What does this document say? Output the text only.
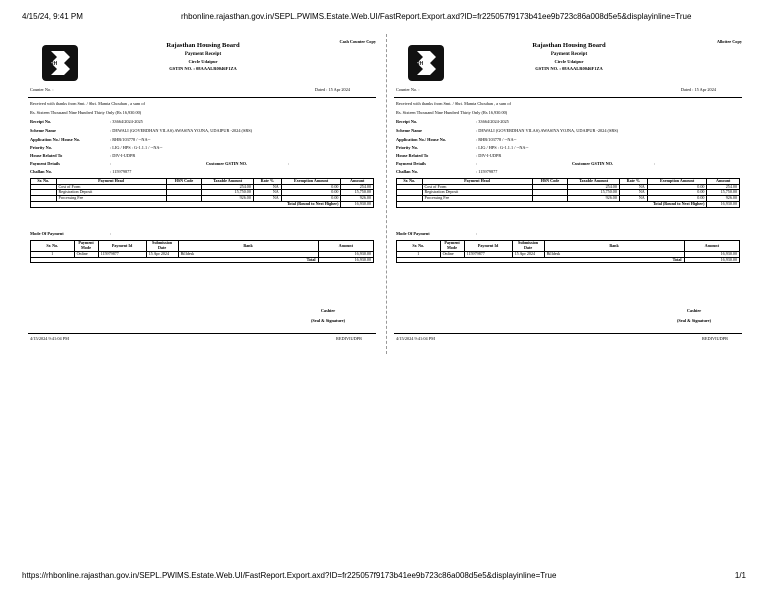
4/15/24, 9:41 PM	rhbonline.rajasthan.gov.in/SEPL.PWIMS.Estate.Web.UI/FastReport.Export.axd?ID=fr225057f9173b41ee9b723c86a008d5e5&displayinline=True
RH
Rajasthan Housing Board
Payment Receipt
Circle Udaipur
GSTIN NO. : 08AAALR0046F1ZA
Cash Counter Copy
Counter No. :	Dated : 15 Apr 2024
Received with thanks from Smt. / Shri. Mamta Chouhan , a sum of
Rs. Sixteen Thousand Nine Hundred Thirty Only (Rs 16,930.00)
Receipt No.	: 33664/2024-2025
Scheme Name	: DEWALI (GOVERDHAN VILAS) AWASIYA YOJNA, UDAIPUR -2024 (SRS)
Application No./ House No.	: RHB/103778 / --NA--
Priority No.	: LIG / HPS : G-1.1.1 / --NA--
House Related To	: DIV-I-UDPR
Payment Details	:	Customer GSTIN NO.	:
Challan No.	: 115979877
Sr. No.	Payment Head	HSN Code	Taxable Amount	Rate %	Exemption Amount	Amount
	Cost of Form		254.00	NA	0.00	254.00
	Registration Deposit		15,750.00	NA	0.00	15,750.00
	Processing Fee		926.00	NA	0.00	926.00
Total (Round to Next Higher)						16,930.00
Mode Of Payment	:
Sr. No.	Payment Mode	Payment Id	Submission Date	Bank	Amount
1	Online	115979877	15 Apr 2024	Billdesk	16,930.00
Total					16,930.00
Cashier
(Seal & Signature)
4/15/2024 9:41:04 PM	REDIVIUDPR
RH
Rajasthan Housing Board
Payment Receipt
Circle Udaipur
GSTIN NO. : 08AAALR0046F1ZA
Allottee Copy
Counter No. :	Dated : 15 Apr 2024
Received with thanks from Smt. / Shri. Mamta Chouhan , a sum of
Rs. Sixteen Thousand Nine Hundred Thirty Only (Rs 16,930.00)
Receipt No.	: 33664/2024-2025
Scheme Name	: DEWALI (GOVERDHAN VILAS) AWASIYA YOJNA, UDAIPUR -2024 (SRS)
Application No./ House No.	: RHB/103778 / --NA--
Priority No.	: LIG / HPS : G-1.1.1 / --NA--
House Related To	: DIV-I-UDPR
Payment Details	:	Customer GSTIN NO.	:
Challan No.	: 115979877
Sr. No.	Payment Head	HSN Code	Taxable Amount	Rate %	Exemption Amount	Amount
	Cost of Form		254.00	NA	0.00	254.00
	Registration Deposit		15,750.00	NA	0.00	15,750.00
	Processing Fee		926.00	NA	0.00	926.00
Total (Round to Next Higher)						16,930.00
Mode Of Payment	:
Sr. No.	Payment Mode	Payment Id	Submission Date	Bank	Amount
1	Online	115979877	15 Apr 2024	Billdesk	16,930.00
Total					16,930.00
Cashier
(Seal & Signature)
4/15/2024 9:41:04 PM	REDIVIUDPR
https://rhbonline.rajasthan.gov.in/SEPL.PWIMS.Estate.Web.UI/FastReport.Export.axd?ID=fr225057f9173b41ee9b723c86a008d5e5&displayinline=True	1/1
